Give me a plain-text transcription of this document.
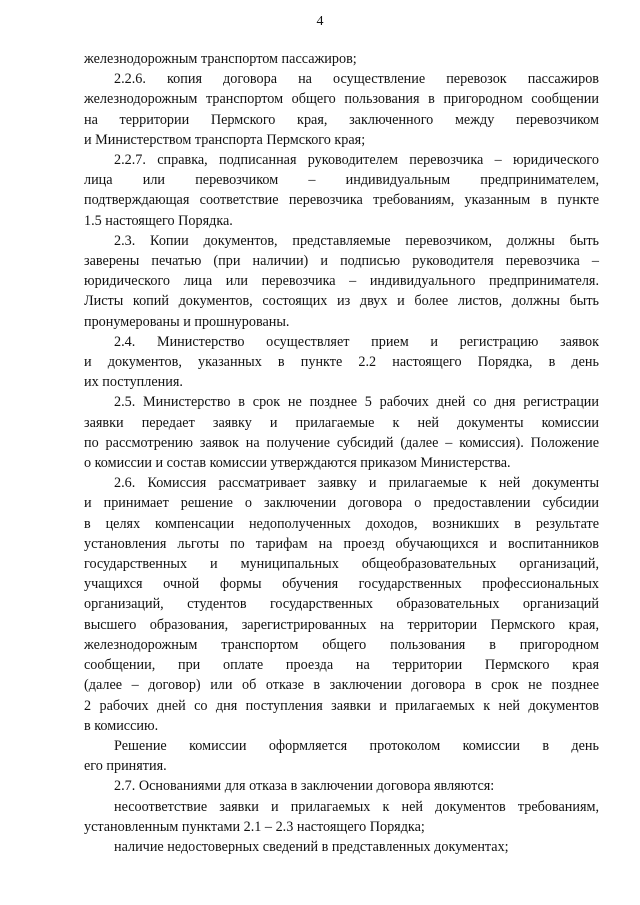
4
железнодорожным транспортом пассажиров;
2.2.6. копия договора на осуществление перевозок пассажиров
железнодорожным транспортом общего пользования в пригородном сообщении
на территории Пермского края, заключенного между перевозчиком
и Министерством транспорта Пермского края;
2.2.7. справка, подписанная руководителем перевозчика – юридического
лица или перевозчиком – индивидуальным предпринимателем,
подтверждающая соответствие перевозчика требованиям, указанным в пункте
1.5 настоящего Порядка.
2.3. Копии документов, представляемые перевозчиком, должны быть
заверены печатью (при наличии) и подписью руководителя перевозчика –
юридического лица или перевозчика – индивидуального предпринимателя.
Листы копий документов, состоящих из двух и более листов, должны быть
пронумерованы и прошнурованы.
2.4. Министерство осуществляет прием и регистрацию заявок
и документов, указанных в пункте 2.2 настоящего Порядка, в день
их поступления.
2.5. Министерство в срок не позднее 5 рабочих дней со дня регистрации
заявки передает заявку и прилагаемые к ней документы комиссии
по рассмотрению заявок на получение субсидий (далее – комиссия). Положение
о комиссии и состав комиссии утверждаются приказом Министерства.
2.6. Комиссия рассматривает заявку и прилагаемые к ней документы
и принимает решение о заключении договора о предоставлении субсидии
в целях компенсации недополученных доходов, возникших в результате
установления льготы по тарифам на проезд обучающихся и воспитанников
государственных и муниципальных общеобразовательных организаций,
учащихся очной формы обучения государственных профессиональных
организаций, студентов государственных образовательных организаций
высшего образования, зарегистрированных на территории Пермского края,
железнодорожным транспортом общего пользования в пригородном
сообщении, при оплате проезда на территории Пермского края
(далее – договор) или об отказе в заключении договора в срок не позднее
2 рабочих дней со дня поступления заявки и прилагаемых к ней документов
в комиссию.
Решение комиссии оформляется протоколом комиссии в день
его принятия.
2.7. Основаниями для отказа в заключении договора являются:
несоответствие заявки и прилагаемых к ней документов требованиям,
установленным пунктами 2.1 – 2.3 настоящего Порядка;
наличие недостоверных сведений в представленных документах;
